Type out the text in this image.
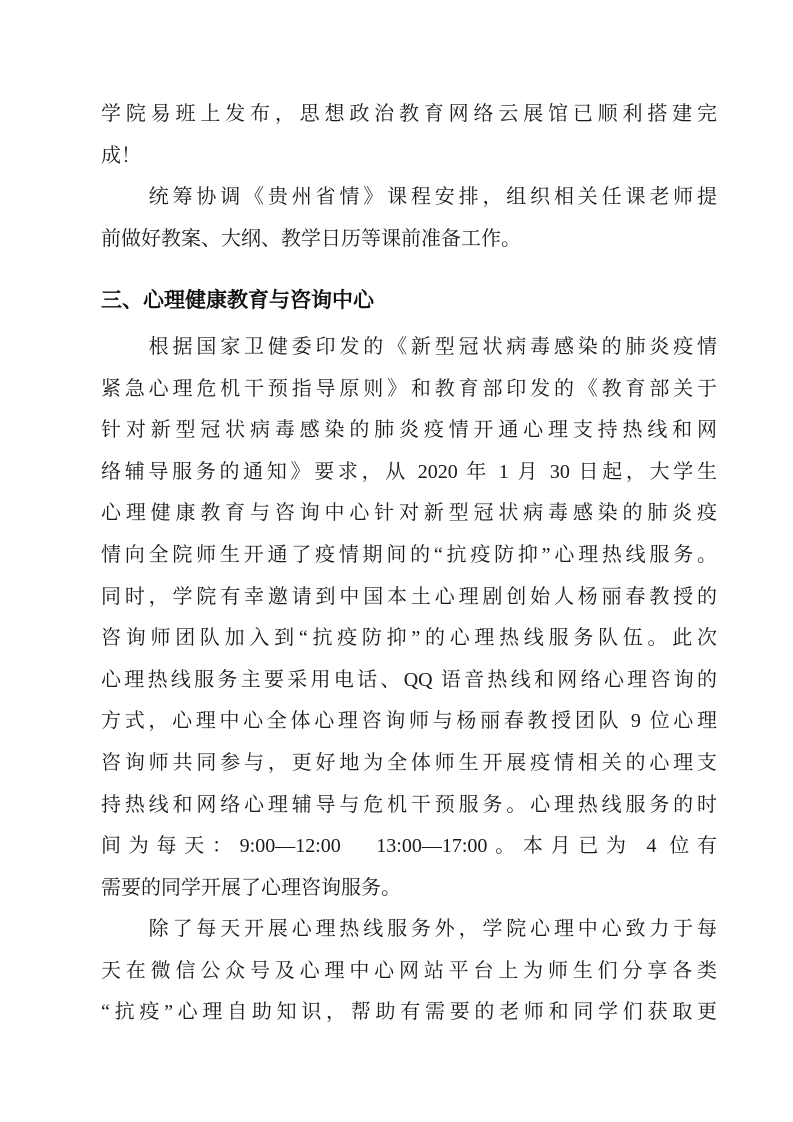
学院易班上发布，思想政治教育网络云展馆已顺利搭建完
成！
　　统筹协调《贵州省情》课程安排，组织相关任课老师提
前做好教案、大纲、教学日历等课前准备工作。
三、心理健康教育与咨询中心
　　根据国家卫健委印发的《新型冠状病毒感染的肺炎疫情
紧急心理危机干预指导原则》和教育部印发的《教育部关于
针对新型冠状病毒感染的肺炎疫情开通心理支持热线和网
络辅导服务的通知》要求，从 2020 年 1 月 30 日起，大学生
心理健康教育与咨询中心针对新型冠状病毒感染的肺炎疫
情向全院师生开通了疫情期间的“抗疫防抑”心理热线服务。
同时，学院有幸邀请到中国本土心理剧创始人杨丽春教授的
咨询师团队加入到“抗疫防抑”的心理热线服务队伍。此次
心理热线服务主要采用电话、QQ 语音热线和网络心理咨询的
方式，心理中心全体心理咨询师与杨丽春教授团队 9 位心理
咨询师共同参与，更好地为全体师生开展疫情相关的心理支
持热线和网络心理辅导与危机干预服务。心理热线服务的时
间为每天：9:00—12:00　13:00—17:00。本月已为 4 位有
需要的同学开展了心理咨询服务。
　　除了每天开展心理热线服务外，学院心理中心致力于每
天在微信公众号及心理中心网站平台上为师生们分享各类
“抗疫”心理自助知识，帮助有需要的老师和同学们获取更
